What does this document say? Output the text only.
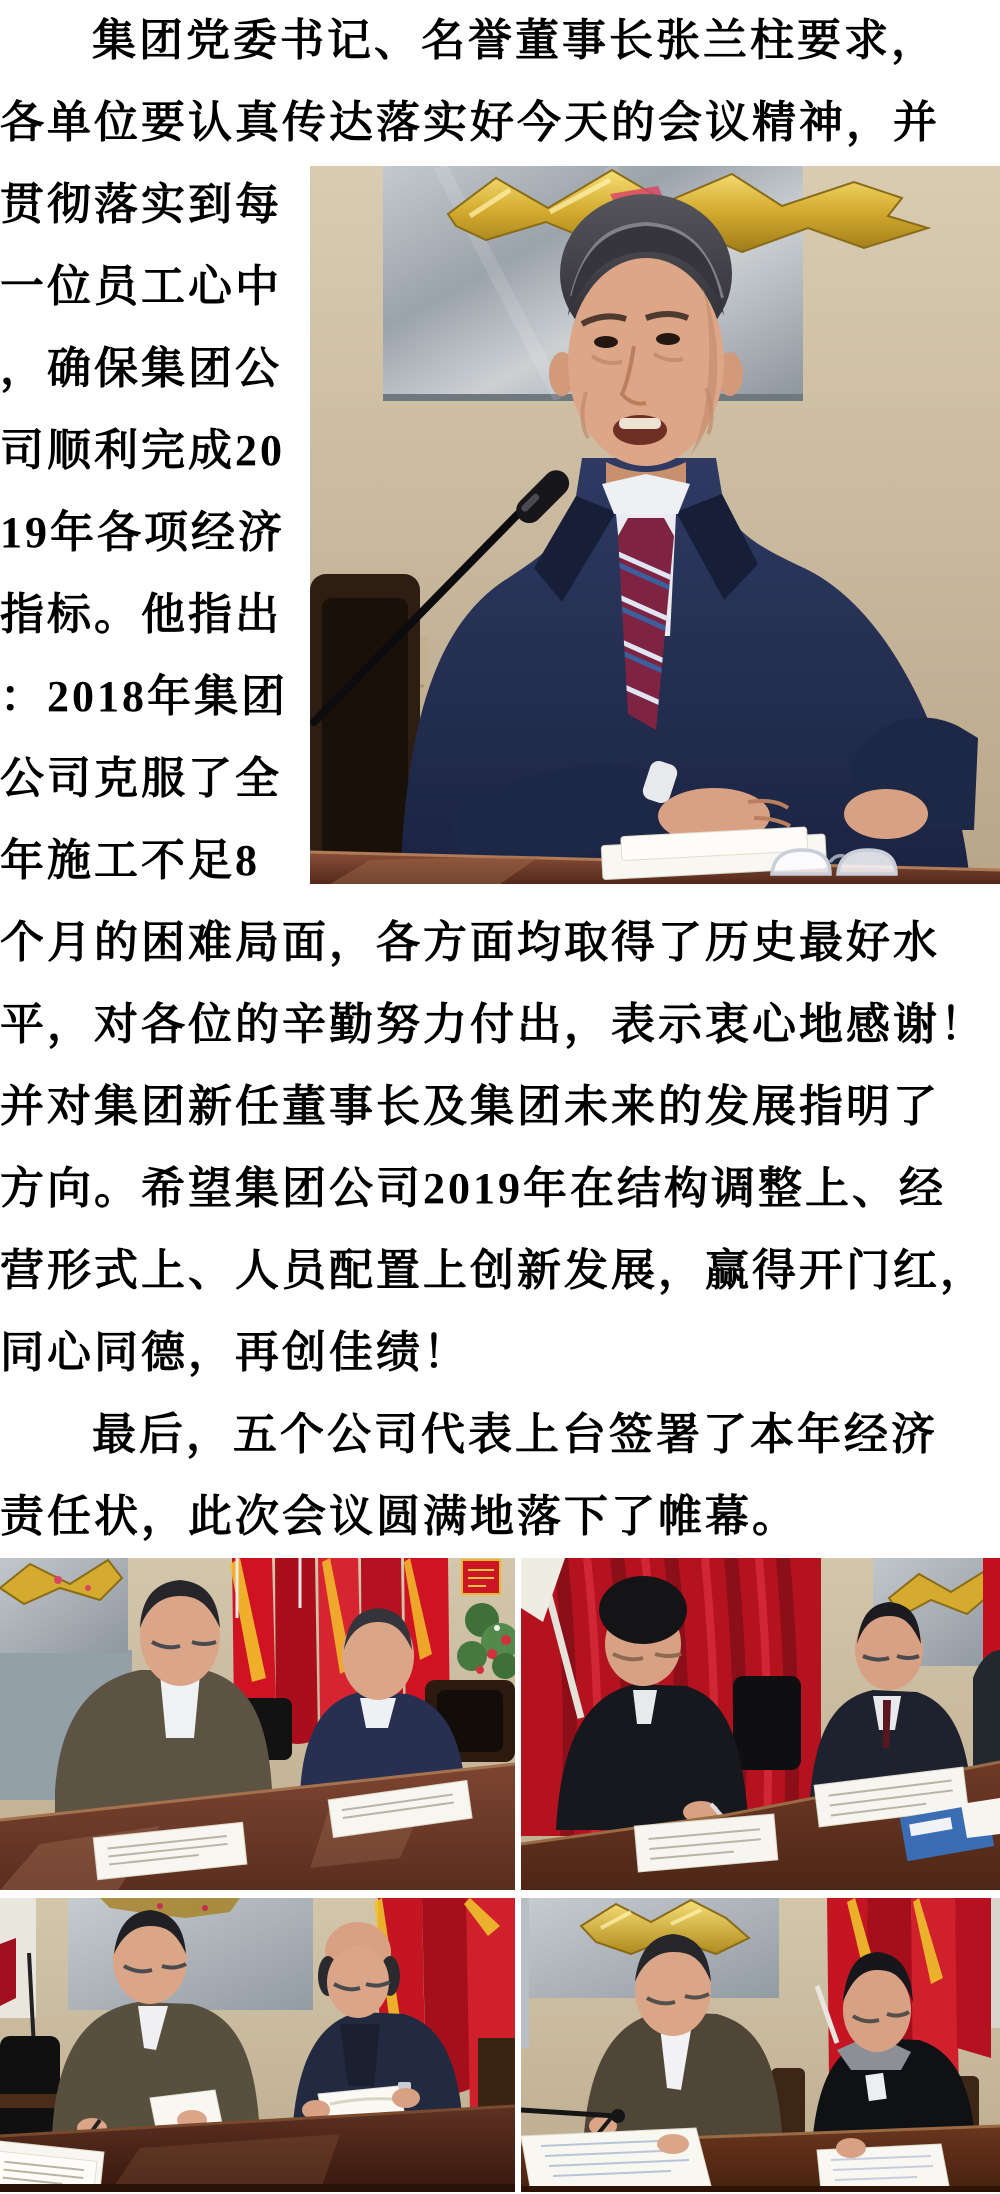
集团党委书记、名誉董事长张兰柱要求，
各单位要认真传达落实好今天的会议精神，并
贯彻落实到每
一位员工心中
，确保集团公
司顺利完成20
19年各项经济
指标。他指出
：2018年集团
公司克服了全
年施工不足8
个月的困难局面，各方面均取得了历史最好水
平，对各位的辛勤努力付出，表示衷心地感谢！
并对集团新任董事长及集团未来的发展指明了
方向。希望集团公司2019年在结构调整上、经
营形式上、人员配置上创新发展，赢得开门红，
同心同德，再创佳绩！
最后，五个公司代表上台签署了本年经济
责任状，此次会议圆满地落下了帷幕。
